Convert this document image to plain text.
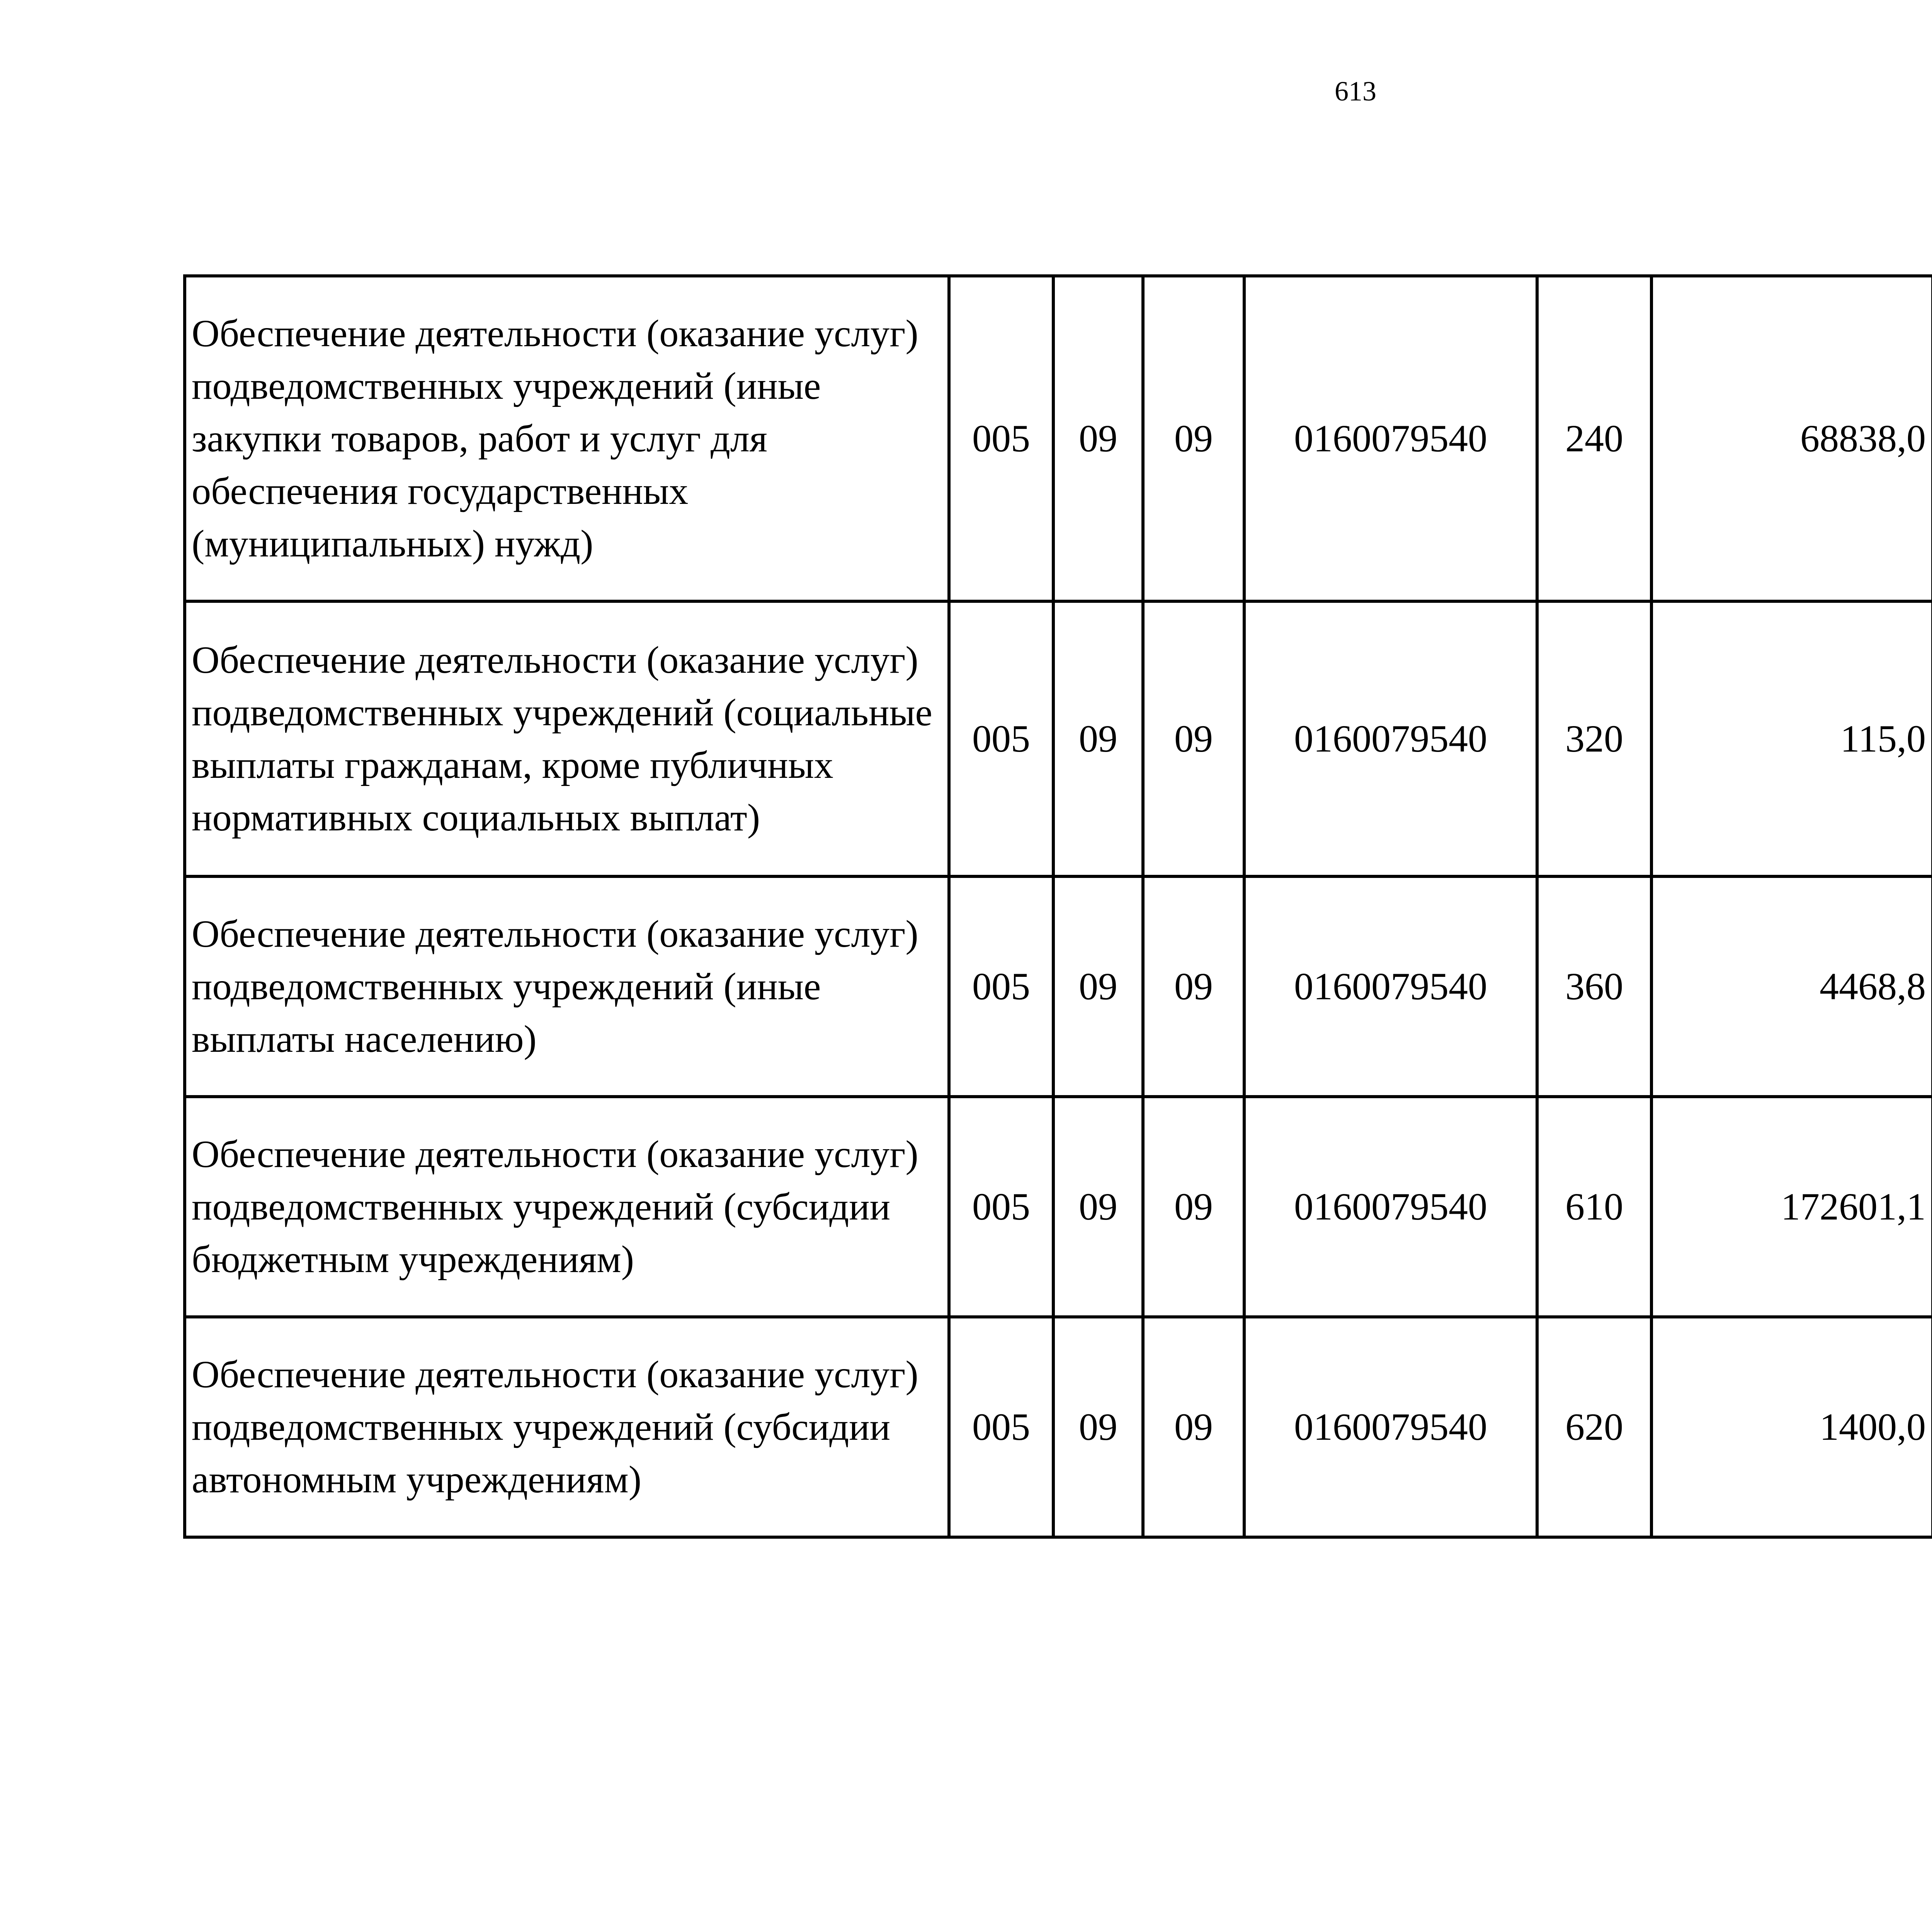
613
Обеспечение деятельности (оказание услуг) подведомственных учреждений (иные закупки товаров, работ и услуг для обеспечения государственных (муниципальных) нужд)	005	09	09	0160079540	240	68838,0		
Обеспечение деятельности (оказание услуг) подведомственных учреждений (социальные выплаты гражданам, кроме публичных нормативных социальных выплат)	005	09	09	0160079540	320	115,0		
Обеспечение деятельности (оказание услуг) подведомственных учреждений (иные выплаты населению)	005	09	09	0160079540	360	4468,8		
Обеспечение деятельности (оказание услуг) подведомственных учреждений (субсидии бюджетным учреждениям)	005	09	09	0160079540	610	172601,1		
Обеспечение деятельности (оказание услуг) подведомственных учреждений (субсидии автономным учреждениям)	005	09	09	0160079540	620	1400,0		
